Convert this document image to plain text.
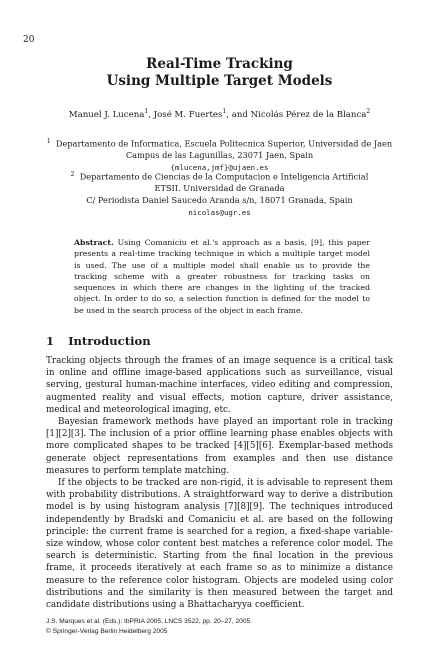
20
Real-Time Tracking
Using Multiple Target Models
Manuel J. Lucena$^1$, José M. Fuertes$^1$, and Nicolás Pérez de la Blanca$^2$
$^1$ Departamento de Informatica, Escuela Politecnica Superior, Universidad de Jaen
Campus de las Lagunillas, 23071 Jaen, Spain
{mlucena,jmf}@ujaen.es
$^2$ Departamento de Ciencias de la Computacion e Inteligencia Artificial
ETSII. Universidad de Granada
C/ Periodista Daniel Saucedo Aranda s/n, 18071 Granada, Spain
nicolas@ugr.es
Abstract. Using Comaniciu et al.'s approach as a basis, [9], this paper presents a real-time tracking technique in which a multiple target model is used. The use of a multiple model shall enable us to provide the tracking scheme with a greater robustness for tracking tasks on sequences in which there are changes in the lighting of the tracked object. In order to do so, a selection function is defined for the model to be used in the search process of the object in each frame.
1 Introduction

Tracking objects through the frames of an image sequence is a critical task in online and offline image-based applications such as surveillance, visual serving, gestural human-machine interfaces, video editing and compression, augmented reality and visual effects, motion capture, driver assistance, medical and meteorological imaging, etc.

Bayesian framework methods have played an important role in tracking [1][2][3]. The inclusion of a prior offline learning phase enables objects with more complicated shapes to be tracked [4][5][6]. Exemplar-based methods generate object representations from examples and then use distance measures to perform template matching.

If the objects to be tracked are non-rigid, it is advisable to represent them with probability distributions. A straightforward way to derive a distribution model is by using histogram analysis [7][8][9]. The techniques introduced independently by Bradski and Comaniciu et al. are based on the following principle: the current frame is searched for a region, a fixed-shape variable-size window, whose color content best matches a reference color model. The search is deterministic. Starting from the final location in the previous frame, it proceeds iteratively at each frame so as to minimize a distance measure to the reference color histogram. Objects are modeled using color distributions and the similarity is then measured between the target and candidate distributions using a Bhattacharyya coefficient.

J.S. Marques et al. (Eds.): IbPRIA 2005, LNCS 3522, pp. 20–27, 2005.
© Springer-Verlag Berlin Heidelberg 2005
